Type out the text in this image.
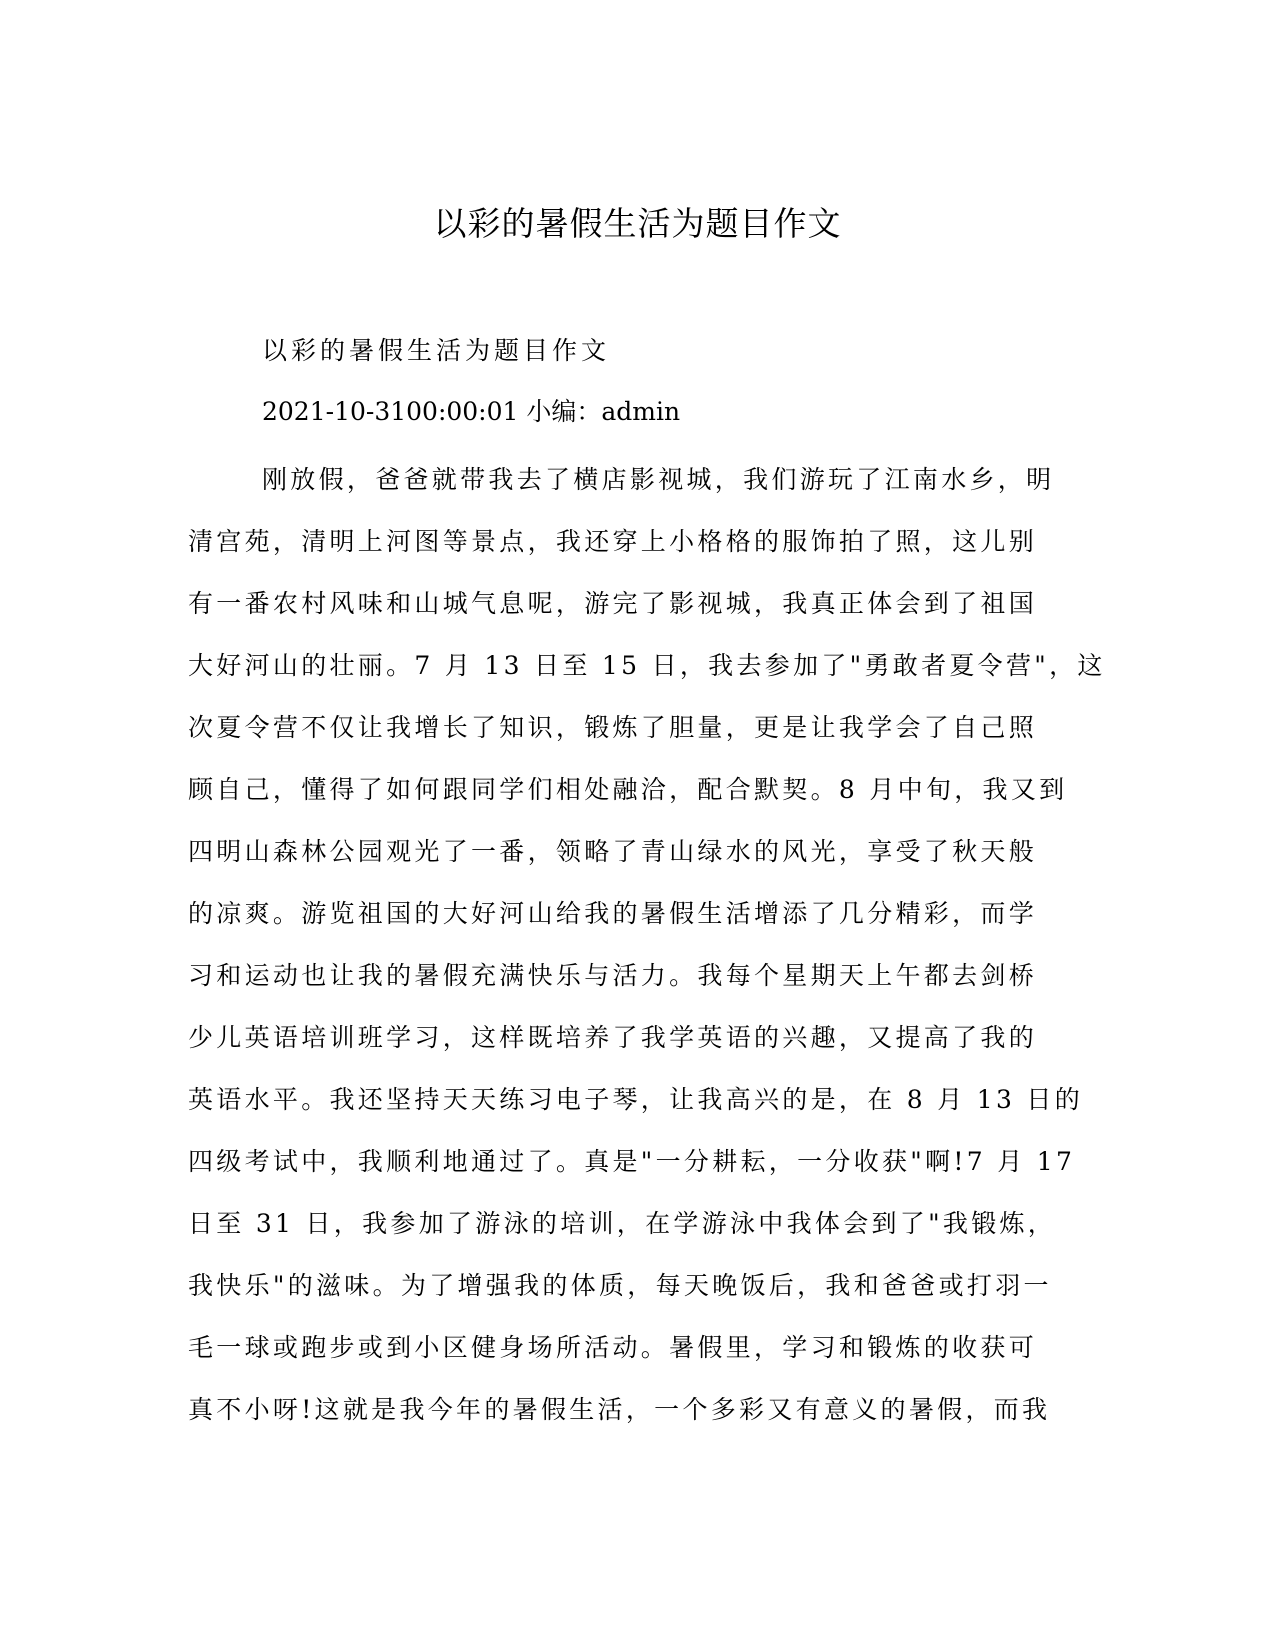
以彩的暑假生活为题目作文
以彩的暑假生活为题目作文
2021-10-3100:00:01 小编：admin
刚放假，爸爸就带我去了横店影视城，我们游玩了江南水乡，明
清宫苑，清明上河图等景点，我还穿上小格格的服饰拍了照，这儿别
有一番农村风味和山城气息呢，游完了影视城，我真正体会到了祖国
大好河山的壮丽。7 月 13 日至 15 日，我去参加了"勇敢者夏令营"，这
次夏令营不仅让我增长了知识，锻炼了胆量，更是让我学会了自己照
顾自己，懂得了如何跟同学们相处融洽，配合默契。8 月中旬，我又到
四明山森林公园观光了一番，领略了青山绿水的风光，享受了秋天般
的凉爽。游览祖国的大好河山给我的暑假生活增添了几分精彩，而学
习和运动也让我的暑假充满快乐与活力。我每个星期天上午都去剑桥
少儿英语培训班学习，这样既培养了我学英语的兴趣，又提高了我的
英语水平。我还坚持天天练习电子琴，让我高兴的是，在 8 月 13 日的
四级考试中，我顺利地通过了。真是"一分耕耘，一分收获"啊!7 月 17
日至 31 日，我参加了游泳的培训，在学游泳中我体会到了"我锻炼，
我快乐"的滋味。为了增强我的体质，每天晚饭后，我和爸爸或打羽一
毛一球或跑步或到小区健身场所活动。暑假里，学习和锻炼的收获可
真不小呀!这就是我今年的暑假生活，一个多彩又有意义的暑假，而我
